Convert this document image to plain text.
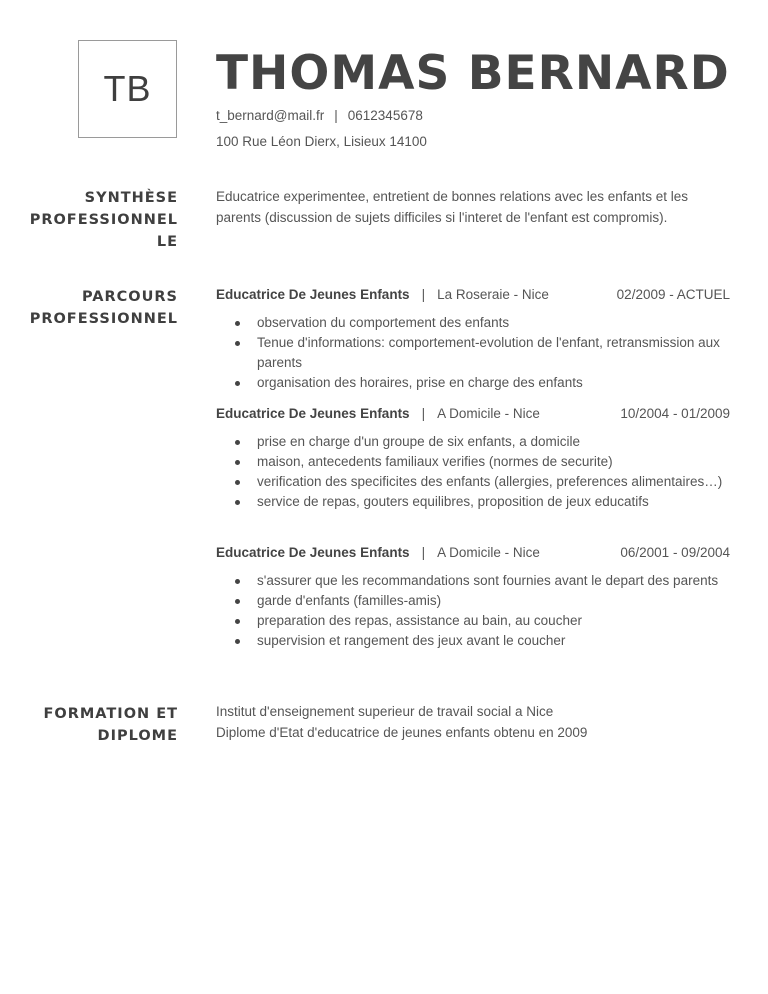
TB THOMAS BERNARD
t_bernard@mail.fr | 0612345678
100 Rue Léon Dierx, Lisieux 14100
SYNTHÈSE
PROFESSIONNEL
LE
Educatrice experimentee, entretient de bonnes relations avec les enfants et les parents (discussion de sujets difficiles si l'interet de l'enfant est compromis).
PARCOURS
PROFESSIONNEL
Educatrice De Jeunes Enfants | La Roseraie - Nice	02/2009 - ACTUEL
observation du comportement des enfants
Tenue d'informations: comportement-evolution de l'enfant, retransmission aux parents
organisation des horaires, prise en charge des enfants
Educatrice De Jeunes Enfants | A Domicile - Nice	10/2004 - 01/2009
prise en charge d'un groupe de six enfants, a domicile
maison, antecedents familiaux verifies (normes de securite)
verification des specificites des enfants (allergies, preferences alimentaires…)
service de repas, gouters equilibres, proposition de jeux educatifs
Educatrice De Jeunes Enfants | A Domicile - Nice	06/2001 - 09/2004
s'assurer que les recommandations sont fournies avant le depart des parents
garde d'enfants (familles-amis)
preparation des repas, assistance au bain, au coucher
supervision et rangement des jeux avant le coucher
FORMATION ET
DIPLOME
Institut d'enseignement superieur de travail social a Nice
Diplome d'Etat d'educatrice de jeunes enfants obtenu en 2009
